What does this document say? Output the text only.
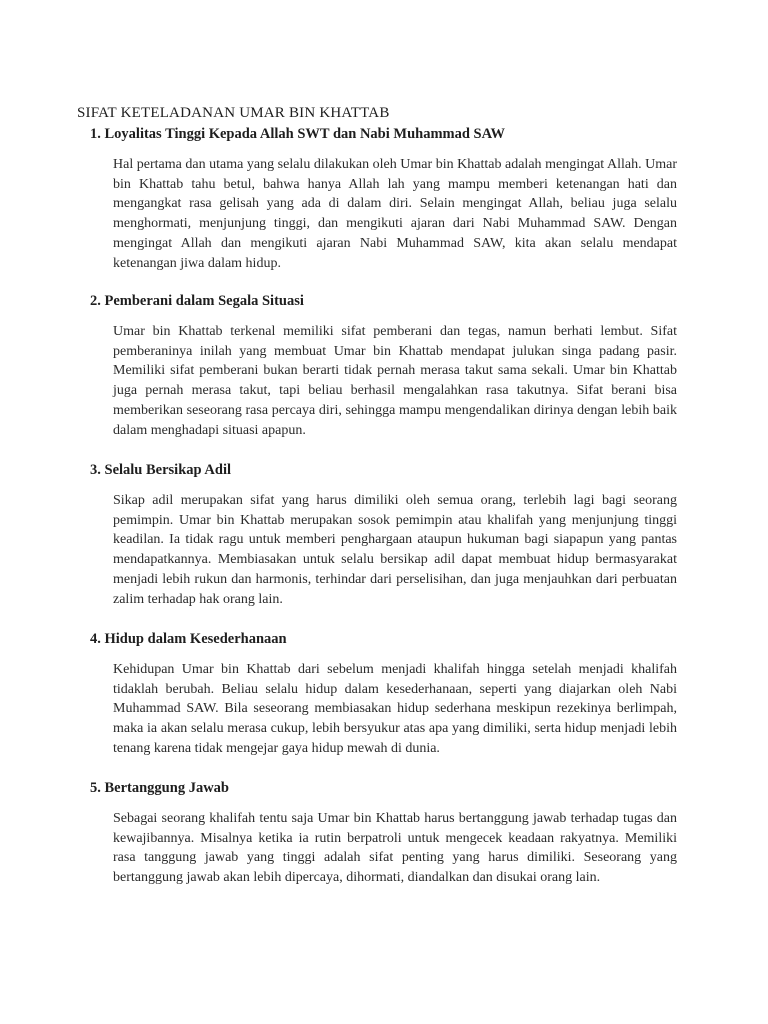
SIFAT KETELADANAN UMAR BIN KHATTAB
1. Loyalitas Tinggi Kepada Allah SWT dan Nabi Muhammad SAW

Hal pertama dan utama yang selalu dilakukan oleh Umar bin Khattab adalah mengingat Allah. Umar bin Khattab tahu betul, bahwa hanya Allah lah yang mampu memberi ketenangan hati dan mengangkat rasa gelisah yang ada di dalam diri. Selain mengingat Allah, beliau juga selalu menghormati, menjunjung tinggi, dan mengikuti ajaran dari Nabi Muhammad SAW. Dengan mengingat Allah dan mengikuti ajaran Nabi Muhammad SAW, kita akan selalu mendapat ketenangan jiwa dalam hidup.

2. Pemberani dalam Segala Situasi

Umar bin Khattab terkenal memiliki sifat pemberani dan tegas, namun berhati lembut. Sifat pemberaninya inilah yang membuat Umar bin Khattab mendapat julukan singa padang pasir. Memiliki sifat pemberani bukan berarti tidak pernah merasa takut sama sekali. Umar bin Khattab juga pernah merasa takut, tapi beliau berhasil mengalahkan rasa takutnya. Sifat berani bisa memberikan seseorang rasa percaya diri, sehingga mampu mengendalikan dirinya dengan lebih baik dalam menghadapi situasi apapun.

3. Selalu Bersikap Adil

Sikap adil merupakan sifat yang harus dimiliki oleh semua orang, terlebih lagi bagi seorang pemimpin. Umar bin Khattab merupakan sosok pemimpin atau khalifah yang menjunjung tinggi keadilan. Ia tidak ragu untuk memberi penghargaan ataupun hukuman bagi siapapun yang pantas mendapatkannya. Membiasakan untuk selalu bersikap adil dapat membuat hidup bermasyarakat menjadi lebih rukun dan harmonis, terhindar dari perselisihan, dan juga menjauhkan dari perbuatan zalim terhadap hak orang lain.

4. Hidup dalam Kesederhanaan

Kehidupan Umar bin Khattab dari sebelum menjadi khalifah hingga setelah menjadi khalifah tidaklah berubah. Beliau selalu hidup dalam kesederhanaan, seperti yang diajarkan oleh Nabi Muhammad SAW. Bila seseorang membiasakan hidup sederhana meskipun rezekinya berlimpah, maka ia akan selalu merasa cukup, lebih bersyukur atas apa yang dimiliki, serta hidup menjadi lebih tenang karena tidak mengejar gaya hidup mewah di dunia.

5. Bertanggung Jawab

Sebagai seorang khalifah tentu saja Umar bin Khattab harus bertanggung jawab terhadap tugas dan kewajibannya. Misalnya ketika ia rutin berpatroli untuk mengecek keadaan rakyatnya. Memiliki rasa tanggung jawab yang tinggi adalah sifat penting yang harus dimiliki. Seseorang yang bertanggung jawab akan lebih dipercaya, dihormati, diandalkan dan disukai orang lain.
